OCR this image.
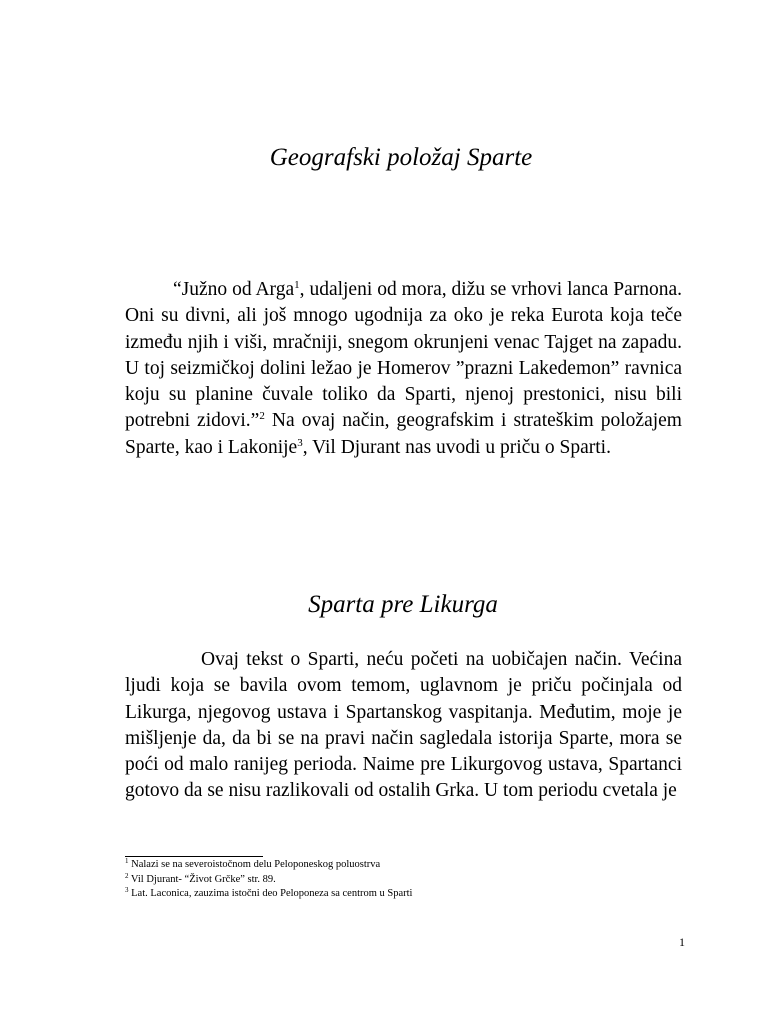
Geografski položaj Sparte

“Južno od Arga$^1$, udaljeni od mora, dižu se vrhovi lanca Parnona. Oni su divni, ali još mnogo ugodnija za oko je reka Eurota koja teče između njih i viši, mračniji, snegom okrunjeni venac Tajget na zapadu. U toj seizmičkoj dolini ležao je Homerov ”prazni Lakedemon” ravnica koju su planine čuvale toliko da Sparti, njenoj prestonici, nisu bili potrebni zidovi.”$^2$ Na ovaj način, geografskim i strateškim položajem Sparte, kao i Lakonije$^3$, Vil Djurant nas uvodi u priču o Sparti.

Sparta pre Likurga

Ovaj tekst o Sparti, neću početi na uobičajen način. Većina ljudi koja se bavila ovom temom, uglavnom je priču počinjala od Likurga, njegovog ustava i Spartanskog vaspitanja. Međutim, moje je mišljenje da, da bi se na pravi način sagledala istorija Sparte, mora se poći od malo ranijeg perioda. Naime pre Likurgovog ustava, Spartanci gotovo da se nisu razlikovali od ostalih Grka. U tom periodu cvetala je

$^1$ Nalazi se na severoistočnom delu Peloponeskog poluostrva
$^2$ Vil Djurant- “Život Grčke” str. 89.
$^3$ Lat. Laconica, zauzima istočni deo Peloponeza sa centrom u Sparti
1
